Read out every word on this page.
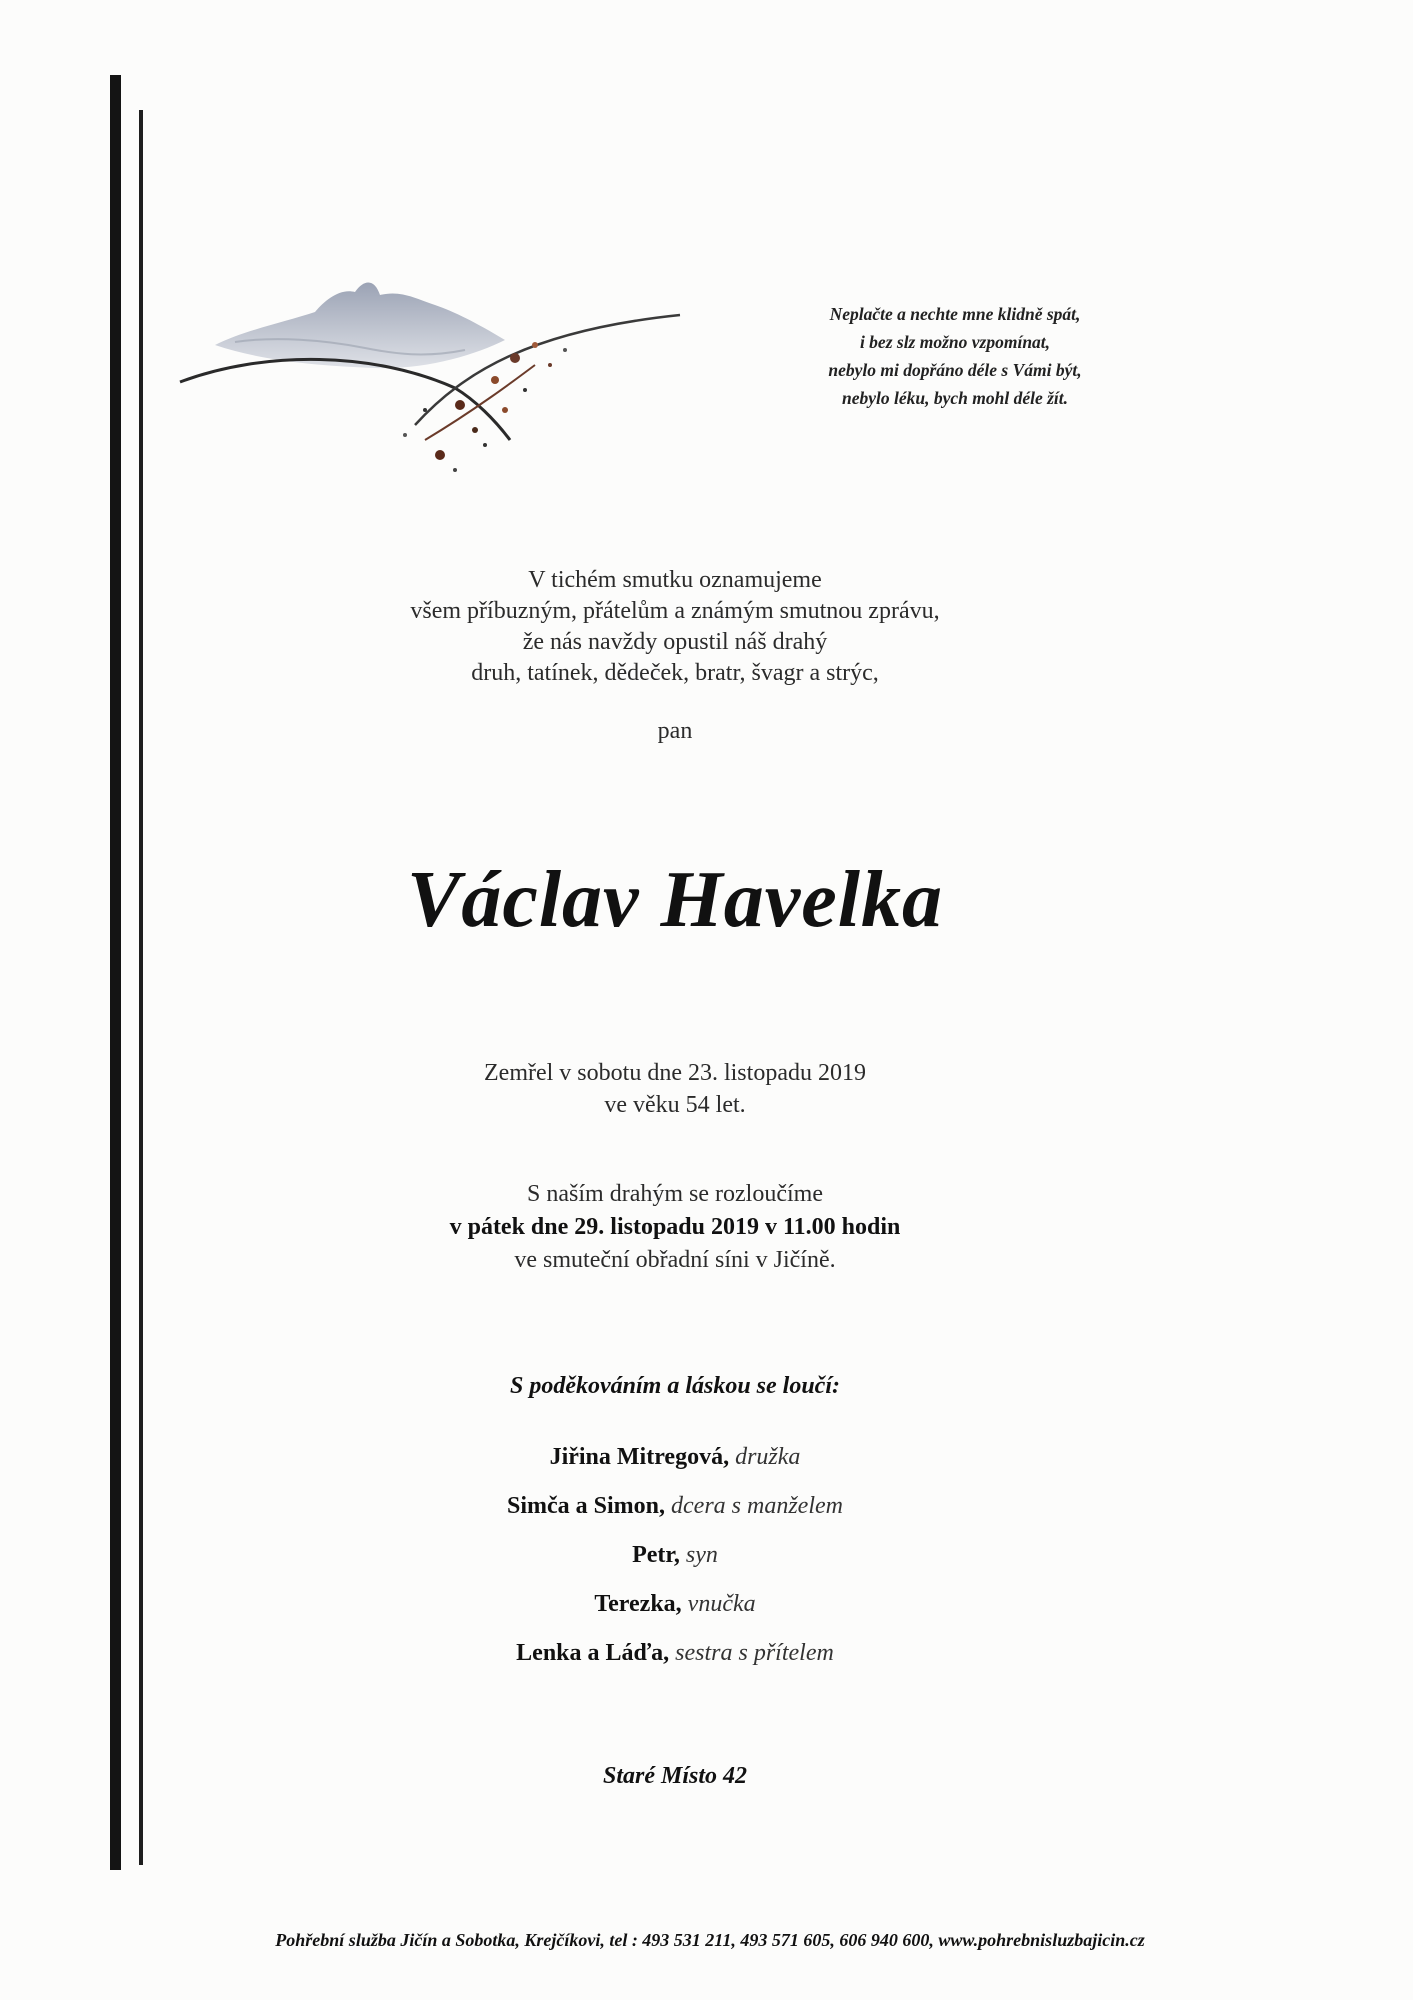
Neplačte a nechte mne klidně spát,
i bez slz možno vzpomínat,
nebylo mi dopřáno déle s Vámi být,
nebylo léku, bych mohl déle žít.
V tichém smutku oznamujeme
všem příbuzným, přátelům a známým smutnou zprávu,
že nás navždy opustil náš drahý
druh, tatínek, dědeček, bratr, švagr a strýc,
pan
Václav Havelka
Zemřel v sobotu dne 23. listopadu 2019
ve věku 54 let.
S naším drahým se rozloučíme
v pátek dne 29. listopadu 2019 v 11.00 hodin
ve smuteční obřadní síni v Jičíně.
S poděkováním a láskou se loučí:
Jiřina Mitregová, družka
Simča a Simon, dcera s manželem
Petr, syn
Terezka, vnučka
Lenka a Láďa, sestra s přítelem
Staré Místo 42
Pohřební služba Jičín a Sobotka, Krejčíkovi, tel : 493 531 211, 493 571 605, 606 940 600, www.pohrebnisluzbajicin.cz
